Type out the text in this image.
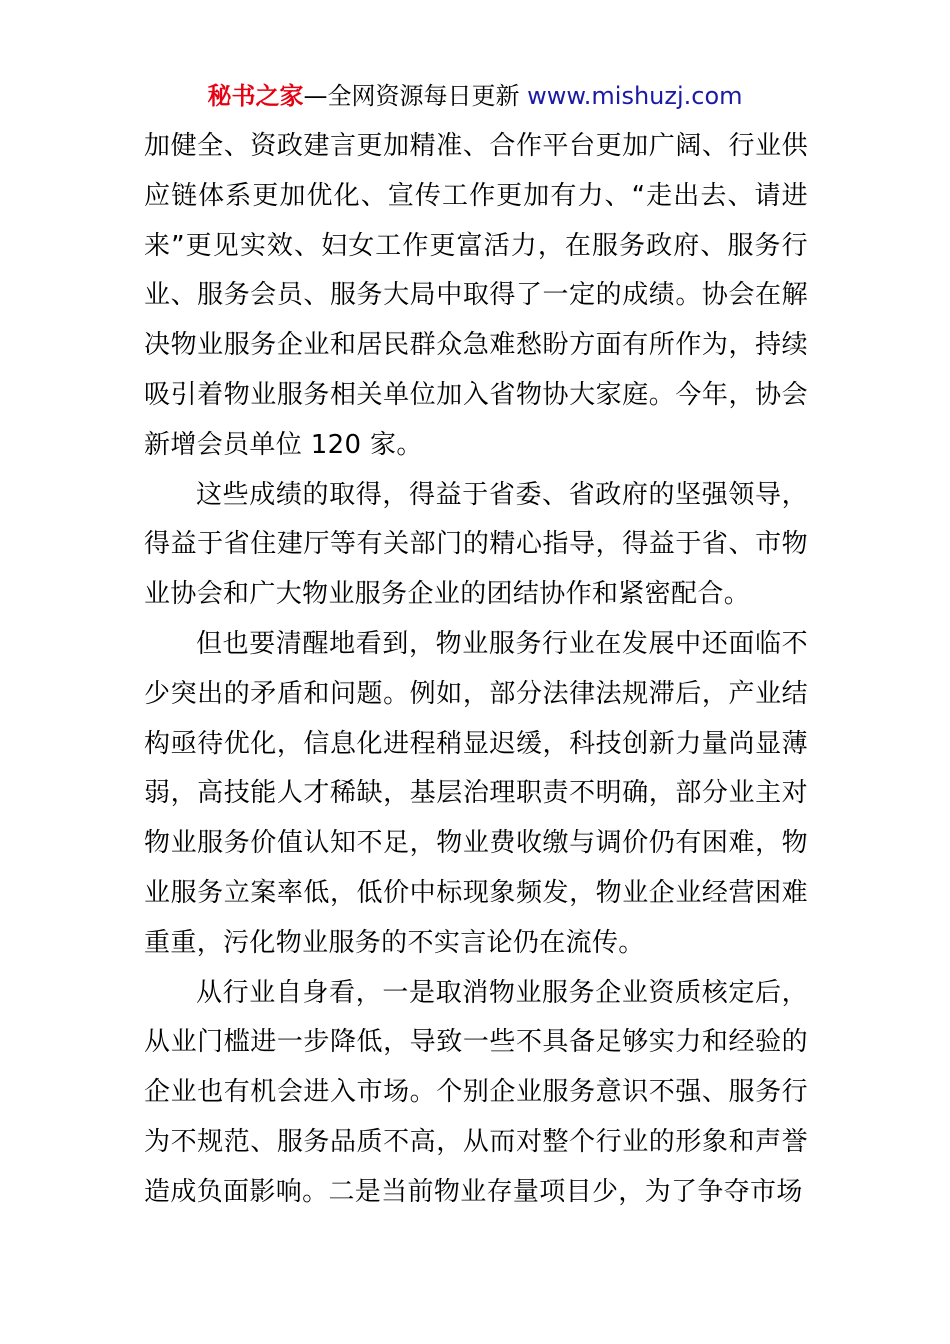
秘书之家—全网资源每日更新 www.mishuzj.com

加健全、资政建言更加精准、合作平台更加广阔、行业供应链体系更加优化、宣传工作更加有力、“走出去、请进来”更见实效、妇女工作更富活力，在服务政府、服务行业、服务会员、服务大局中取得了一定的成绩。协会在解决物业服务企业和居民群众急难愁盼方面有所作为，持续吸引着物业服务相关单位加入省物协大家庭。今年，协会新增会员单位 120 家。

这些成绩的取得，得益于省委、省政府的坚强领导，得益于省住建厅等有关部门的精心指导，得益于省、市物业协会和广大物业服务企业的团结协作和紧密配合。

但也要清醒地看到，物业服务行业在发展中还面临不少突出的矛盾和问题。例如，部分法律法规滞后，产业结构亟待优化，信息化进程稍显迟缓，科技创新力量尚显薄弱，高技能人才稀缺，基层治理职责不明确，部分业主对物业服务价值认知不足，物业费收缴与调价仍有困难，物业服务立案率低，低价中标现象频发，物业企业经营困难重重，污化物业服务的不实言论仍在流传。

从行业自身看，一是取消物业服务企业资质核定后，从业门槛进一步降低，导致一些不具备足够实力和经验的企业也有机会进入市场。个别企业服务意识不强、服务行为不规范、服务品质不高，从而对整个行业的形象和声誉造成负面影响。二是当前物业存量项目少，为了争夺市场
